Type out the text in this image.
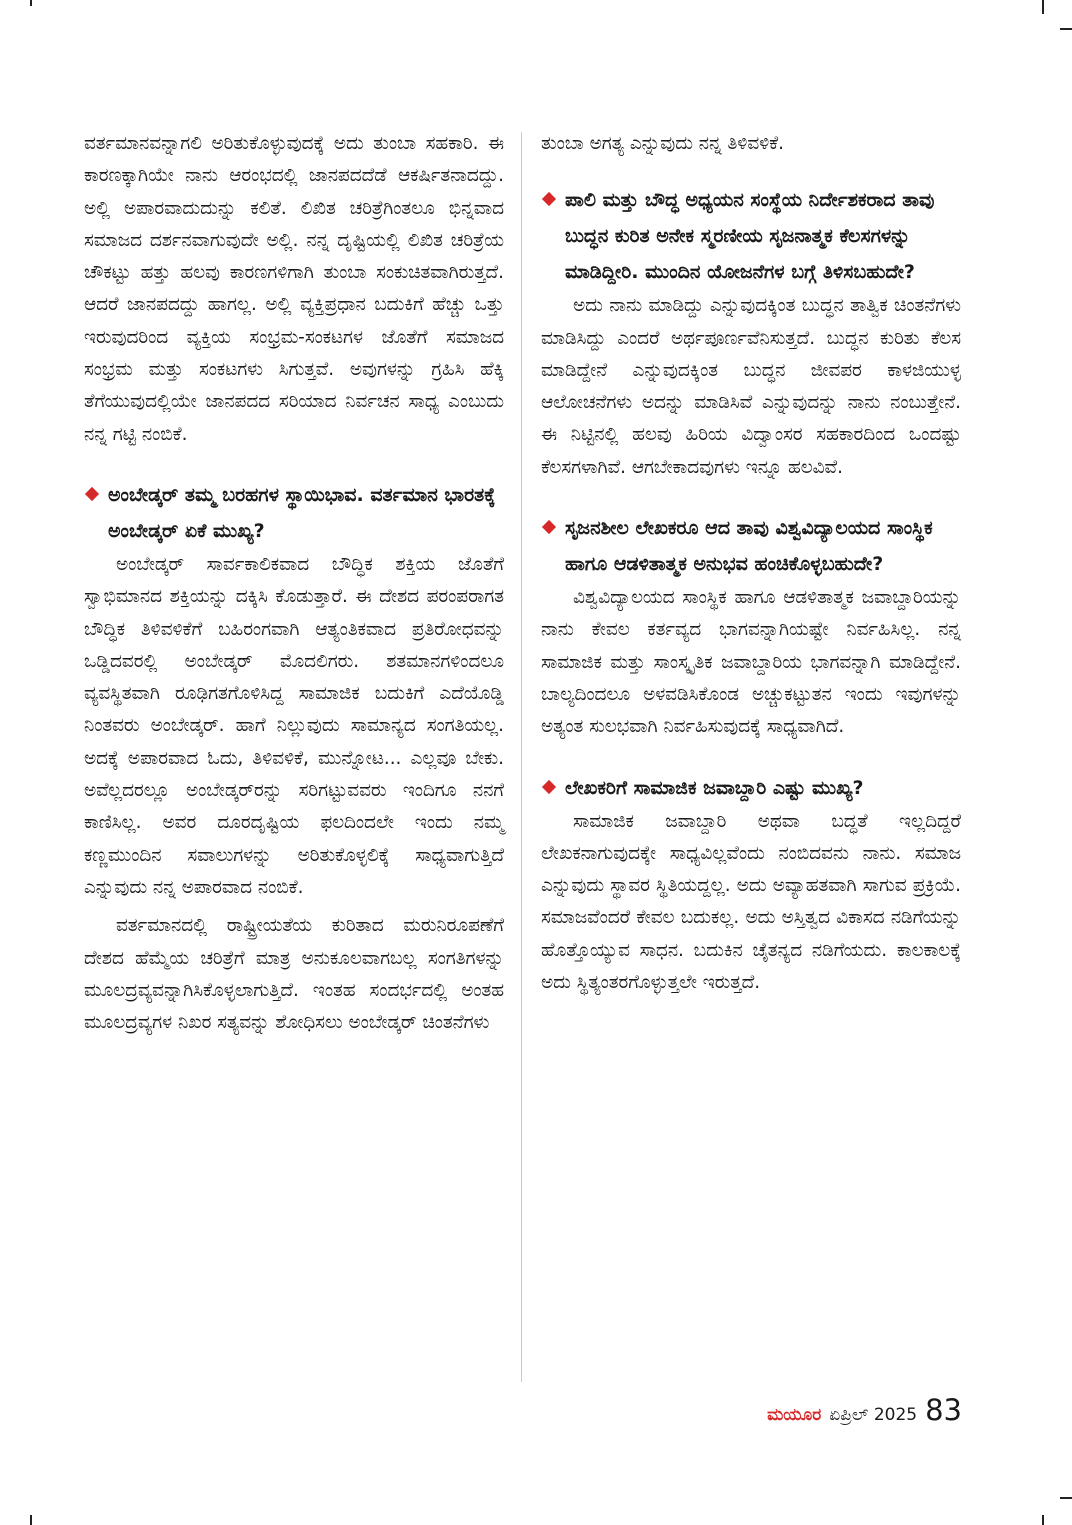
ವರ್ತಮಾನವನ್ನಾಗಲಿ ಅರಿತುಕೊಳ್ಳುವುದಕ್ಕೆ ಅದು ತುಂಬಾ ಸಹಕಾರಿ. ಈ ಕಾರಣಕ್ಕಾಗಿಯೇ ನಾನು ಆರಂಭದಲ್ಲಿ ಜಾನಪದದೆಡೆ ಆಕರ್ಷಿತನಾದದ್ದು. ಅಲ್ಲಿ ಅಪಾರವಾದುದುನ್ನು ಕಲಿತೆ. ಲಿಖಿತ ಚರಿತ್ರೆಗಿಂತಲೂ ಭಿನ್ನವಾದ ಸಮಾಜದ ದರ್ಶನವಾಗುವುದೇ ಅಲ್ಲಿ. ನನ್ನ ದೃಷ್ಟಿಯಲ್ಲಿ ಲಿಖಿತ ಚರಿತ್ರೆಯ ಚೌಕಟ್ಟು ಹತ್ತು ಹಲವು ಕಾರಣಗಳಿಗಾಗಿ ತುಂಬಾ ಸಂಕುಚಿತವಾಗಿರುತ್ತದೆ. ಆದರೆ ಜಾನಪದದ್ದು ಹಾಗಲ್ಲ. ಅಲ್ಲಿ ವ್ಯಕ್ತಿಪ್ರಧಾನ ಬದುಕಿಗೆ ಹೆಚ್ಚು ಒತ್ತು ಇರುವುದರಿಂದ ವ್ಯಕ್ತಿಯ ಸಂಭ್ರಮ-ಸಂಕಟಗಳ ಜೊತೆಗೆ ಸಮಾಜದ ಸಂಭ್ರಮ ಮತ್ತು ಸಂಕಟಗಳು ಸಿಗುತ್ತವೆ. ಅವುಗಳನ್ನು ಗ್ರಹಿಸಿ ಹೆಕ್ಕಿ ತೆಗೆಯುವುದಲ್ಲಿಯೇ ಜಾನಪದದ ಸರಿಯಾದ ನಿರ್ವಚನ ಸಾಧ್ಯ ಎಂಬುದು ನನ್ನ ಗಟ್ಟಿ ನಂಬಿಕೆ.

ಅಂಬೇಡ್ಕರ್ ತಮ್ಮ ಬರಹಗಳ ಸ್ಥಾಯಿಭಾವ. ವರ್ತಮಾನ ಭಾರತಕ್ಕೆ ಅಂಬೇಡ್ಕರ್ ಏಕೆ ಮುಖ್ಯ?

ಅಂಬೇಡ್ಕರ್ ಸಾರ್ವಕಾಲಿಕವಾದ ಬೌದ್ಧಿಕ ಶಕ್ತಿಯ ಜೊತೆಗೆ ಸ್ವಾಭಿಮಾನದ ಶಕ್ತಿಯನ್ನು ದಕ್ಕಿಸಿ ಕೊಡುತ್ತಾರೆ. ಈ ದೇಶದ ಪರಂಪರಾಗತ ಬೌದ್ಧಿಕ ತಿಳಿವಳಿಕೆಗೆ ಬಹಿರಂಗವಾಗಿ ಆತ್ಯಂತಿಕವಾದ ಪ್ರತಿರೋಧವನ್ನು ಒಡ್ಡಿದವರಲ್ಲಿ ಅಂಬೇಡ್ಕರ್ ಮೊದಲಿಗರು. ಶತಮಾನಗಳಿಂದಲೂ ವ್ಯವಸ್ಥಿತವಾಗಿ ರೂಢಿಗತಗೊಳಿಸಿದ್ದ ಸಾಮಾಜಿಕ ಬದುಕಿಗೆ ಎದೆಯೊಡ್ಡಿ ನಿಂತವರು ಅಂಬೇಡ್ಕರ್. ಹಾಗೆ ನಿಲ್ಲುವುದು ಸಾಮಾನ್ಯದ ಸಂಗತಿಯಲ್ಲ. ಅದಕ್ಕೆ ಅಪಾರವಾದ ಓದು, ತಿಳಿವಳಿಕೆ, ಮುನ್ನೋಟ... ಎಲ್ಲವೂ ಬೇಕು. ಅವೆಲ್ಲದರಲ್ಲೂ ಅಂಬೇಡ್ಕರ್‌ರನ್ನು ಸರಿಗಟ್ಟುವವರು ಇಂದಿಗೂ ನನಗೆ ಕಾಣಿಸಿಲ್ಲ. ಅವರ ದೂರದೃಷ್ಟಿಯ ಫಲದಿಂದಲೇ ಇಂದು ನಮ್ಮ ಕಣ್ಣಮುಂದಿನ ಸವಾಲುಗಳನ್ನು ಅರಿತುಕೊಳ್ಳಲಿಕ್ಕೆ ಸಾಧ್ಯವಾಗುತ್ತಿದೆ ಎನ್ನುವುದು ನನ್ನ ಅಪಾರವಾದ ನಂಬಿಕೆ.

ವರ್ತಮಾನದಲ್ಲಿ ರಾಷ್ಟ್ರೀಯತೆಯ ಕುರಿತಾದ ಮರುನಿರೂಪಣೆಗೆ ದೇಶದ ಹೆಮ್ಮೆಯ ಚರಿತ್ರೆಗೆ ಮಾತ್ರ ಅನುಕೂಲವಾಗಬಲ್ಲ ಸಂಗತಿಗಳನ್ನು ಮೂಲದ್ರವ್ಯವನ್ನಾಗಿಸಿಕೊಳ್ಳಲಾಗುತ್ತಿದೆ. ಇಂತಹ ಸಂದರ್ಭದಲ್ಲಿ ಅಂತಹ ಮೂಲದ್ರವ್ಯಗಳ ನಿಖರ ಸತ್ಯವನ್ನು ಶೋಧಿಸಲು ಅಂಬೇಡ್ಕರ್ ಚಿಂತನೆಗಳು

ತುಂಬಾ ಅಗತ್ಯ ಎನ್ನುವುದು ನನ್ನ ತಿಳಿವಳಿಕೆ.

ಪಾಲಿ ಮತ್ತು ಬೌದ್ಧ ಅಧ್ಯಯನ ಸಂಸ್ಥೆಯ ನಿರ್ದೇಶಕರಾದ ತಾವು ಬುದ್ಧನ ಕುರಿತ ಅನೇಕ ಸ್ಮರಣೀಯ ಸೃಜನಾತ್ಮಕ ಕೆಲಸಗಳನ್ನು ಮಾಡಿದ್ದೀರಿ. ಮುಂದಿನ ಯೋಜನೆಗಳ ಬಗ್ಗೆ ತಿಳಿಸಬಹುದೇ?

ಅದು ನಾನು ಮಾಡಿದ್ದು ಎನ್ನುವುದಕ್ಕಿಂತ ಬುದ್ಧನ ತಾತ್ವಿಕ ಚಿಂತನೆಗಳು ಮಾಡಿಸಿದ್ದು ಎಂದರೆ ಅರ್ಥಪೂರ್ಣವೆನಿಸುತ್ತದೆ. ಬುದ್ಧನ ಕುರಿತು ಕೆಲಸ ಮಾಡಿದ್ದೇನೆ ಎನ್ನುವುದಕ್ಕಿಂತ ಬುದ್ಧನ ಜೀವಪರ ಕಾಳಜಿಯುಳ್ಳ ಆಲೋಚನೆಗಳು ಅದನ್ನು ಮಾಡಿಸಿವೆ ಎನ್ನುವುದನ್ನು ನಾನು ನಂಬುತ್ತೇನೆ. ಈ ನಿಟ್ಟಿನಲ್ಲಿ ಹಲವು ಹಿರಿಯ ವಿದ್ವಾಂಸರ ಸಹಕಾರದಿಂದ ಒಂದಷ್ಟು ಕೆಲಸಗಳಾಗಿವೆ. ಆಗಬೇಕಾದವುಗಳು ಇನ್ನೂ ಹಲವಿವೆ.

ಸೃಜನಶೀಲ ಲೇಖಕರೂ ಆದ ತಾವು ವಿಶ್ವವಿದ್ಯಾಲಯದ ಸಾಂಸ್ಥಿಕ ಹಾಗೂ ಆಡಳಿತಾತ್ಮಕ ಅನುಭವ ಹಂಚಿಕೊಳ್ಳಬಹುದೇ?

ವಿಶ್ವವಿದ್ಯಾಲಯದ ಸಾಂಸ್ಥಿಕ ಹಾಗೂ ಆಡಳಿತಾತ್ಮಕ ಜವಾಬ್ದಾರಿಯನ್ನು ನಾನು ಕೇವಲ ಕರ್ತವ್ಯದ ಭಾಗವನ್ನಾಗಿಯಷ್ಟೇ ನಿರ್ವಹಿಸಿಲ್ಲ. ನನ್ನ ಸಾಮಾಜಿಕ ಮತ್ತು ಸಾಂಸ್ಕೃತಿಕ ಜವಾಬ್ದಾರಿಯ ಭಾಗವನ್ನಾಗಿ ಮಾಡಿದ್ದೇನೆ. ಬಾಲ್ಯದಿಂದಲೂ ಅಳವಡಿಸಿಕೊಂಡ ಅಚ್ಚುಕಟ್ಟುತನ ಇಂದು ಇವುಗಳನ್ನು ಅತ್ಯಂತ ಸುಲಭವಾಗಿ ನಿರ್ವಹಿಸುವುದಕ್ಕೆ ಸಾಧ್ಯವಾಗಿದೆ.

ಲೇಖಕರಿಗೆ ಸಾಮಾಜಿಕ ಜವಾಬ್ದಾರಿ ಎಷ್ಟು ಮುಖ್ಯ?

ಸಾಮಾಜಿಕ ಜವಾಬ್ದಾರಿ ಅಥವಾ ಬದ್ಧತೆ ಇಲ್ಲದಿದ್ದರೆ ಲೇಖಕನಾಗುವುದಕ್ಕೇ ಸಾಧ್ಯವಿಲ್ಲವೆಂದು ನಂಬಿದವನು ನಾನು. ಸಮಾಜ ಎನ್ನುವುದು ಸ್ಥಾವರ ಸ್ಥಿತಿಯದ್ದಲ್ಲ. ಅದು ಅವ್ಯಾಹತವಾಗಿ ಸಾಗುವ ಪ್ರಕ್ರಿಯೆ. ಸಮಾಜವೆಂದರೆ ಕೇವಲ ಬದುಕಲ್ಲ. ಅದು ಅಸ್ತಿತ್ವದ ವಿಕಾಸದ ನಡಿಗೆಯನ್ನು ಹೊತ್ತೊಯ್ಯುವ ಸಾಧನ. ಬದುಕಿನ ಚೈತನ್ಯದ ನಡಿಗೆಯದು. ಕಾಲಕಾಲಕ್ಕೆ ಅದು ಸ್ಥಿತ್ಯಂತರಗೊಳ್ಳುತ್ತಲೇ ಇರುತ್ತದೆ.

ಮಯೂರ ಏಪ್ರಿಲ್ 2025 83
